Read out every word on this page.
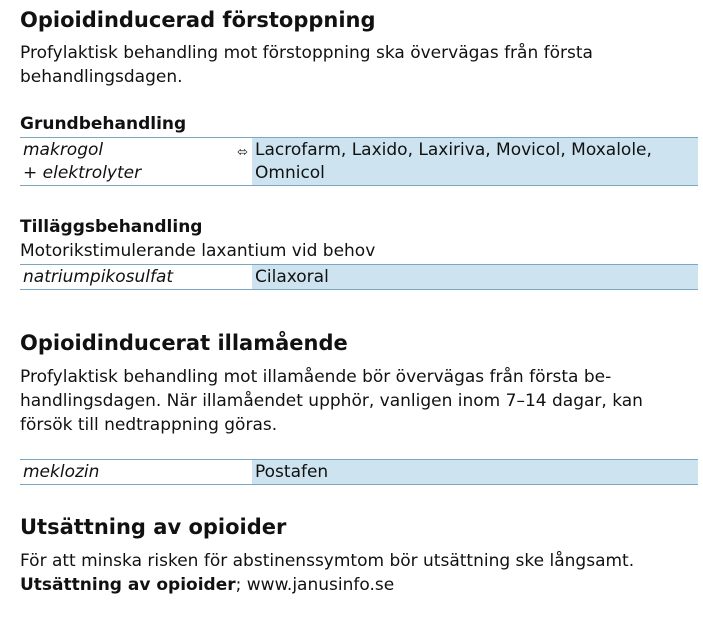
Opioidinducerad förstoppning
Profylaktisk behandling mot förstoppning ska övervägas från första
behandlingsdagen.
Grundbehandling
makrogol
+ elektrolyter
⬄ Lacrofarm, Laxido, Laxiriva, Movicol, Moxalole,
Omnicol
Tilläggsbehandling
Motorikstimulerande laxantium vid behov
natriumpikosulfat	Cilaxoral
Opioidinducerat illamående
Profylaktisk behandling mot illamående bör övervägas från första be-
handlingsdagen. När illamåendet upphör, vanligen inom 7–14 dagar, kan
försök till nedtrappning göras.
meklozin	Postafen
Utsättning av opioider
För att minska risken för abstinenssymtom bör utsättning ske långsamt.
Utsättning av opioider; www.janusinfo.se
